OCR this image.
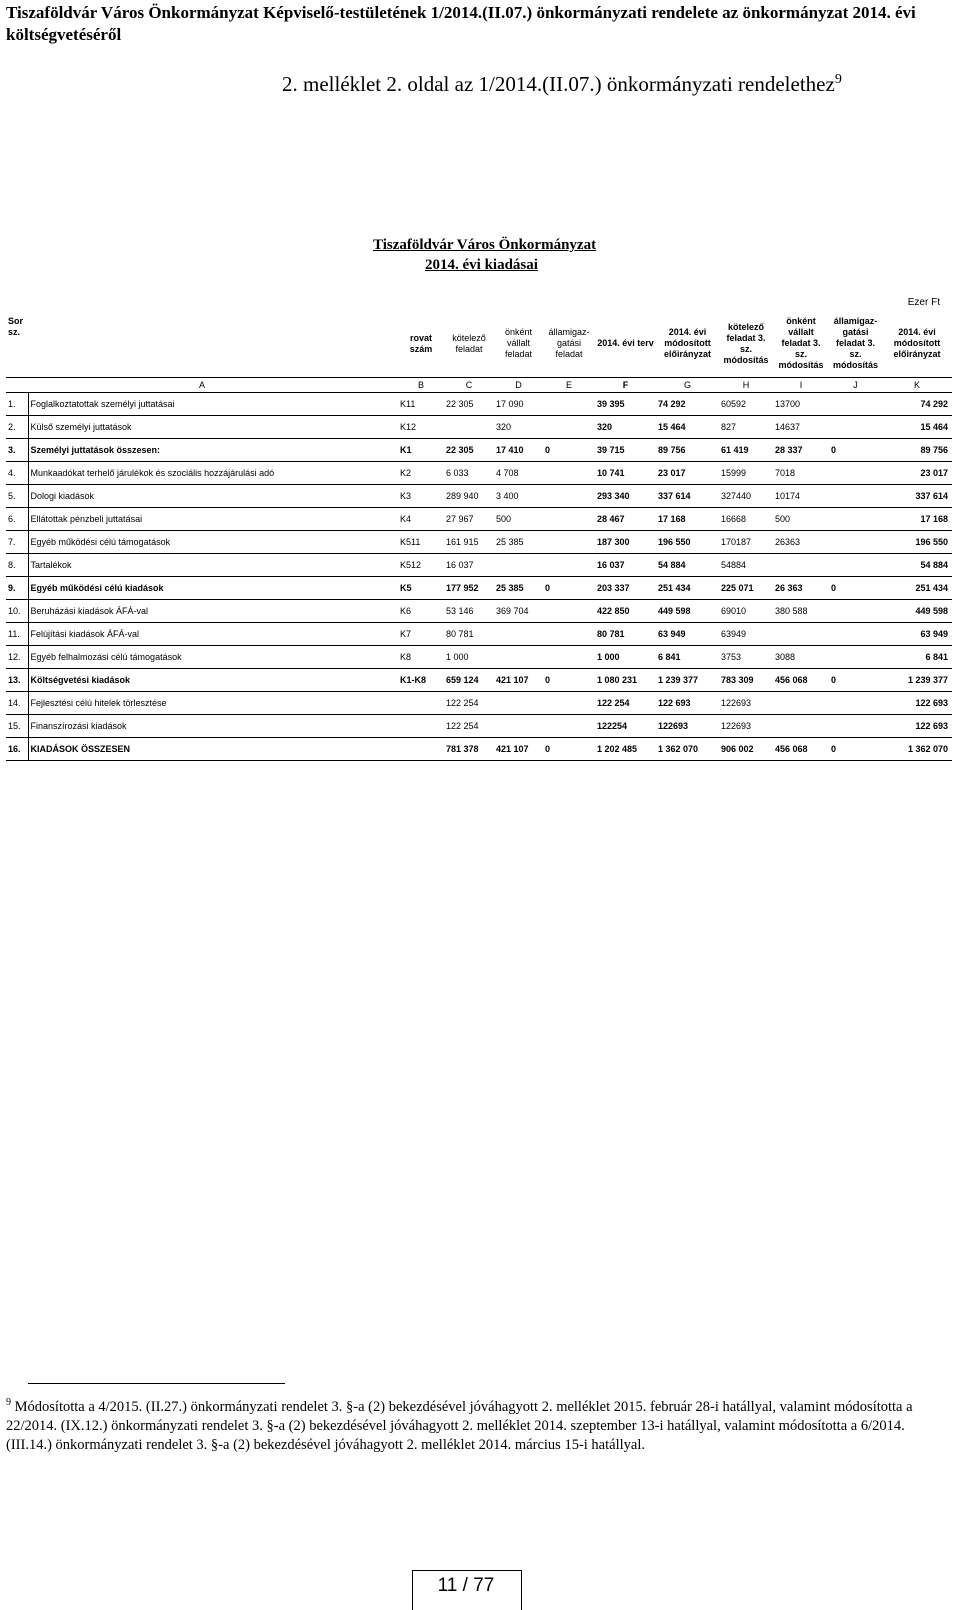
Tiszaföldvár Város Önkormányzat Képviselő-testületének 1/2014.(II.07.) önkormányzati rendelete az önkormányzat 2014. évi költségvetéséről
2. melléklet 2. oldal az 1/2014.(II.07.) önkormányzati rendelethez$^9$
Tiszaföldvár Város Önkormányzat
2014. évi kiadásai
Ezer Ft
Sor sz.		rovat szám	kötelező feladat	önként vállalt feladat	államigaz-gatási feladat	2014. évi terv	2014. évi módosított előirányzat	kötelező feladat 3. sz. módosítás	önként vállalt feladat 3. sz. módosítás	államigaz-gatási feladat 3. sz. módosítás	2014. évi módosított előirányzat
A		B	C	D	E	F	G	H	I	J	K
1.	Foglalkoztatottak személyi juttatásai	K11	22 305	17 090		39 395	74 292	60592	13700		74 292
2.	Külső személyi juttatások	K12		320		320	15 464	827	14637		15 464
3.	Személyi juttatások összesen:	K1	22 305	17 410	0	39 715	89 756	61 419	28 337	0	89 756
4.	Munkaadókat terhelő járulékok és szociális hozzájárulási adó	K2	6 033	4 708		10 741	23 017	15999	7018		23 017
5.	Dologi kiadások	K3	289 940	3 400		293 340	337 614	327440	10174		337 614
6.	Ellátottak pénzbeli juttatásai	K4	27 967	500		28 467	17 168	16668	500		17 168
7.	Egyéb működési célú támogatások	K511	161 915	25 385		187 300	196 550	170187	26363		196 550
8.	Tartalékok	K512	16 037			16 037	54 884	54884			54 884
9.	Egyéb működési célú kiadások	K5	177 952	25 385	0	203 337	251 434	225 071	26 363	0	251 434
10.	Beruházási kiadások ÁFÁ-val	K6	53 146	369 704		422 850	449 598	69010	380 588		449 598
11.	Felújítási kiadások ÁFÁ-val	K7	80 781			80 781	63 949	63949			63 949
12.	Egyéb felhalmozási célú támogatások	K8	1 000			1 000	6 841	3753	3088		6 841
13.	Költségvetési kiadások	K1-K8	659 124	421 107	0	1 080 231	1 239 377	783 309	456 068	0	1 239 377
14.	Fejlesztési célú hitelek törlesztése		122 254			122 254	122 693	122693			122 693
15.	Finanszírozási kiadások		122 254			122254	122693	122693			122 693
16.	KIADÁSOK ÖSSZESEN		781 378	421 107	0	1 202 485	1 362 070	906 002	456 068	0	1 362 070
$^9$ Módosította a 4/2015. (II.27.) önkormányzati rendelet 3. §-a (2) bekezdésével jóváhagyott 2. melléklet 2015. február 28-i hatállyal, valamint módosította a 22/2014. (IX.12.) önkormányzati rendelet 3. §-a (2) bekezdésével jóváhagyott 2. melléklet 2014. szeptember 13-i hatállyal, valamint módosította a 6/2014. (III.14.) önkormányzati rendelet 3. §-a (2) bekezdésével jóváhagyott 2. melléklet 2014. március 15-i hatállyal.
11 / 77
